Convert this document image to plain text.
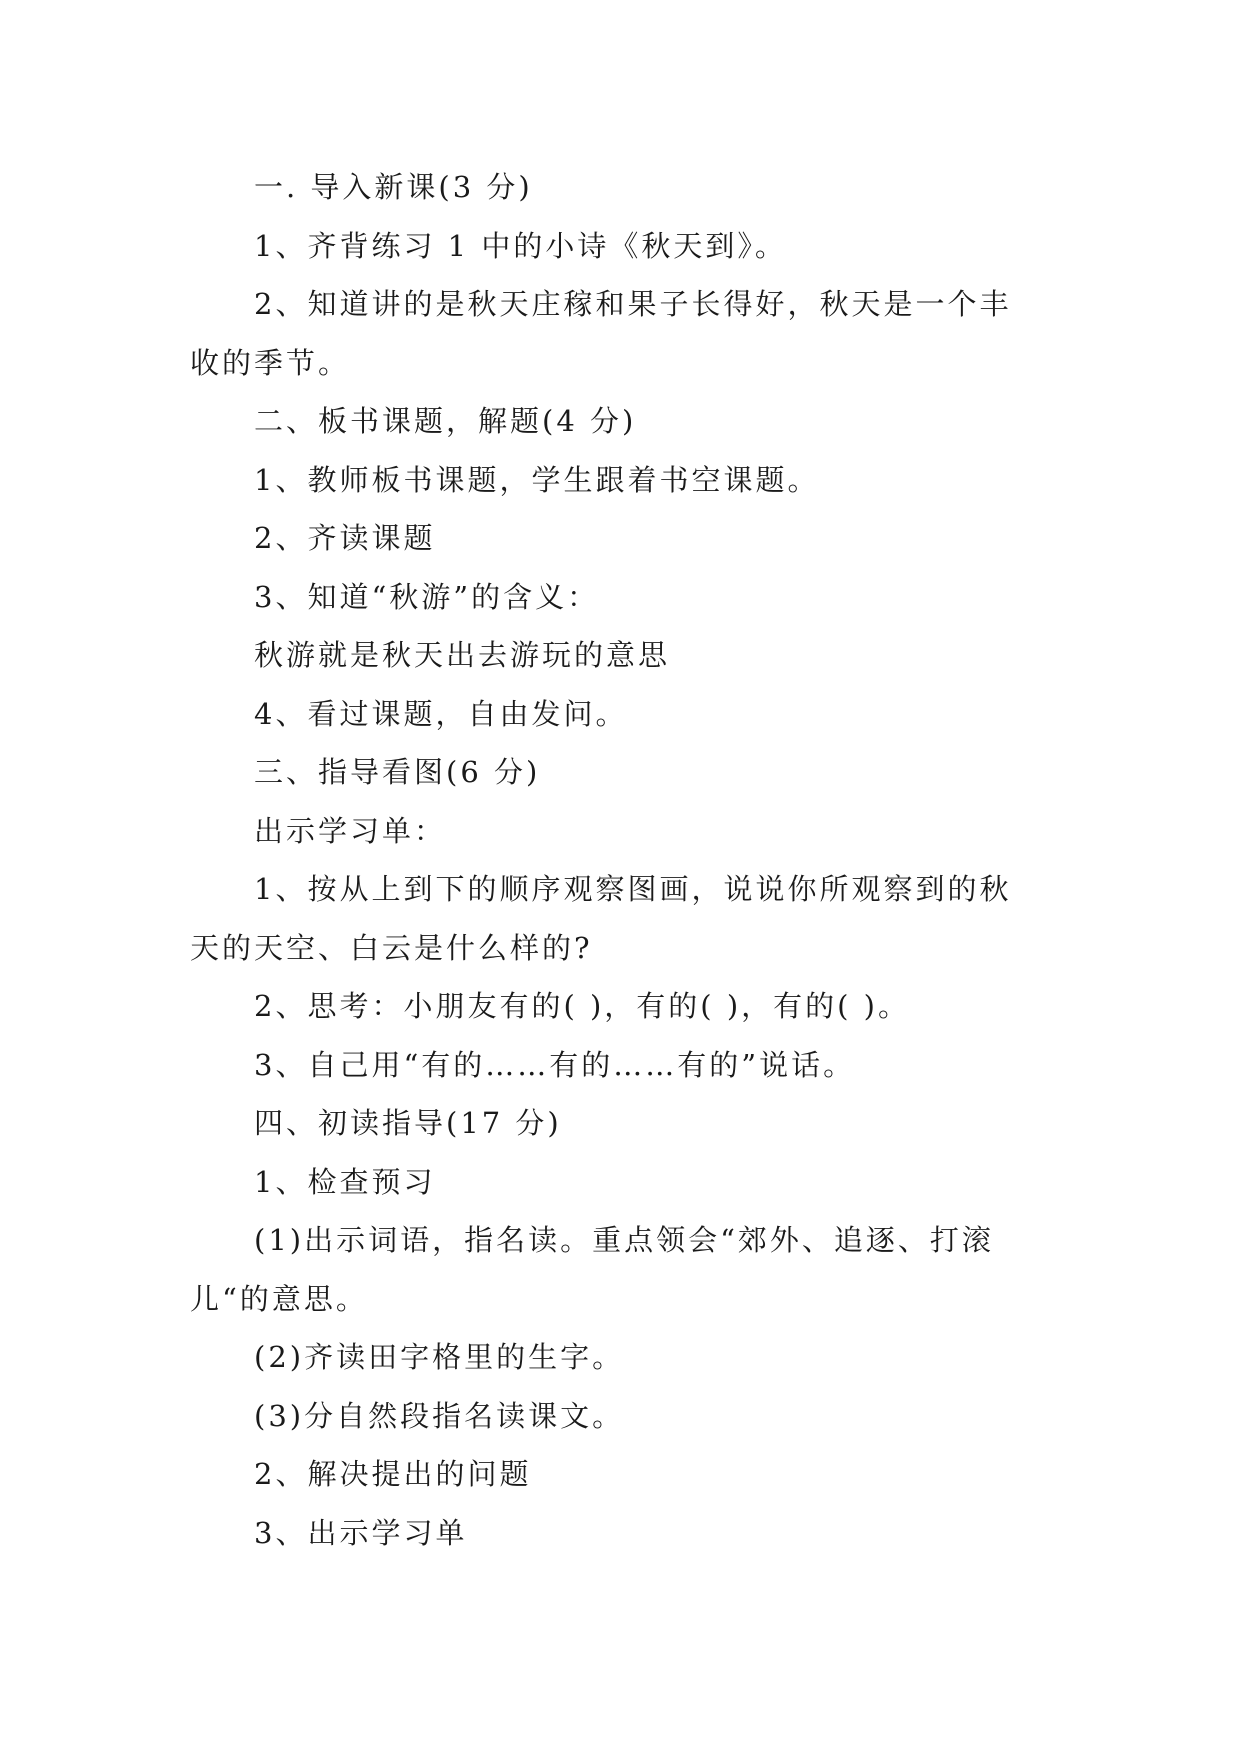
一. 导入新课(3 分)
1、齐背练习 1 中的小诗《秋天到》。
2、知道讲的是秋天庄稼和果子长得好，秋天是一个丰
收的季节。
二、板书课题，解题(4 分)
1、教师板书课题，学生跟着书空课题。
2、齐读课题
3、知道“秋游”的含义：
秋游就是秋天出去游玩的意思
4、看过课题，自由发问。
三、指导看图(6 分)
出示学习单：
1、按从上到下的顺序观察图画，说说你所观察到的秋
天的天空、白云是什么样的?
2、思考：小朋友有的( )，有的( )，有的( )。
3、自己用“有的……有的……有的”说话。
四、初读指导(17 分)
1、检查预习
(1)出示词语，指名读。重点领会“郊外、追逐、打滚
儿“的意思。
(2)齐读田字格里的生字。
(3)分自然段指名读课文。
2、解决提出的问题
3、出示学习单
